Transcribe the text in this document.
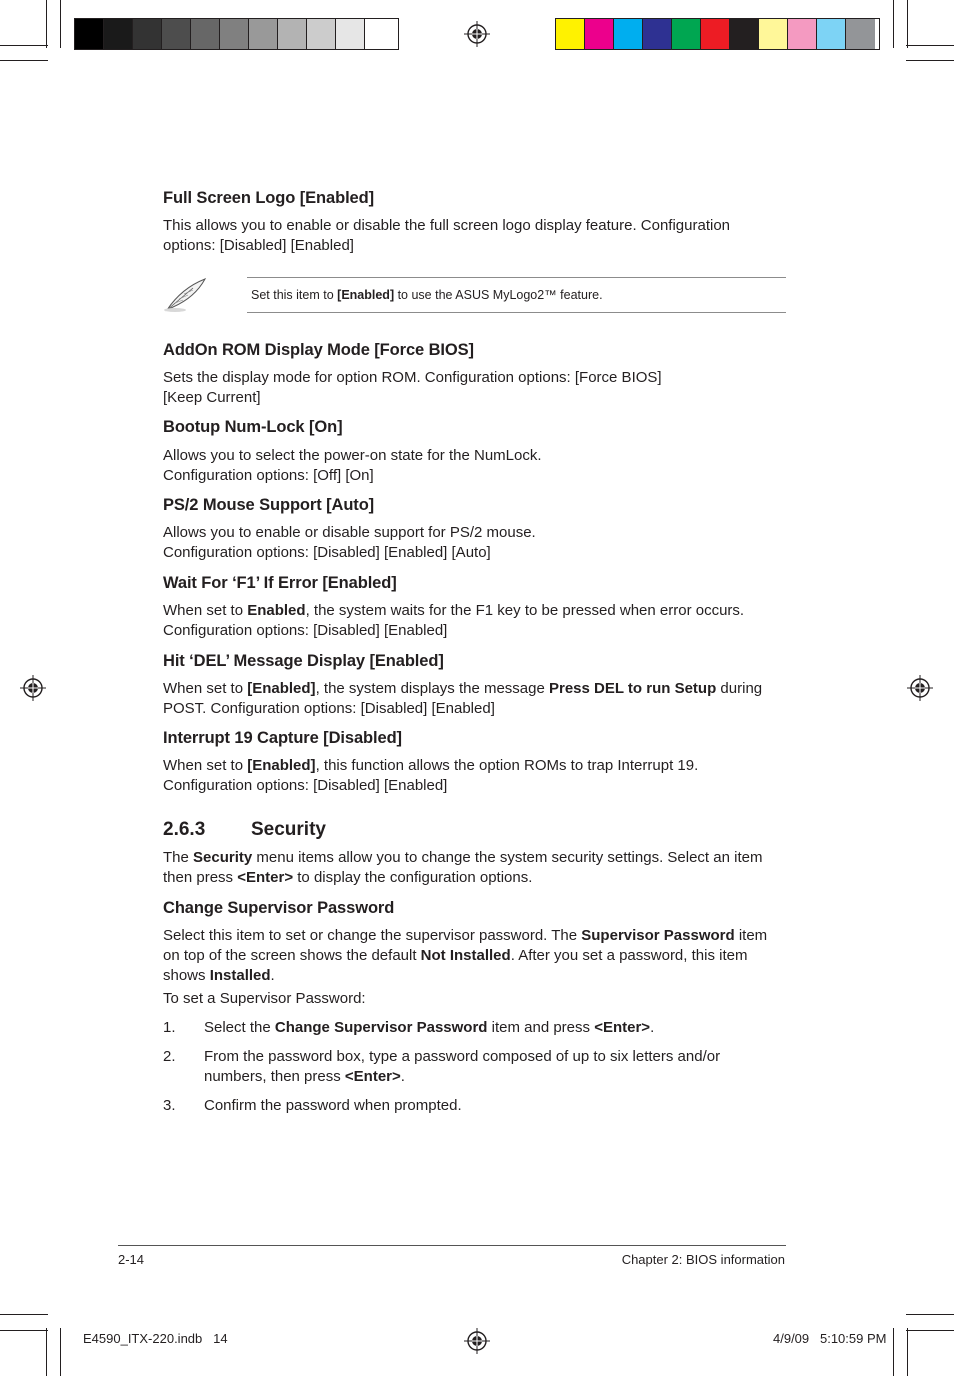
Full Screen Logo [Enabled]
This allows you to enable or disable the full screen logo display feature. Configuration options: [Disabled] [Enabled]
Set this item to [Enabled] to use the ASUS MyLogo2™ feature.
AddOn ROM Display Mode [Force BIOS]
Sets the display mode for option ROM. Configuration options: [Force BIOS]
[Keep Current]
Bootup Num-Lock [On]
Allows you to select the power-on state for the NumLock.
Configuration options: [Off] [On]
PS/2 Mouse Support [Auto]
Allows you to enable or disable support for PS/2 mouse.
Configuration options: [Disabled] [Enabled] [Auto]
Wait For ‘F1’ If Error [Enabled]
When set to Enabled, the system waits for the F1 key to be pressed when error occurs.
Configuration options: [Disabled] [Enabled]
Hit ‘DEL’ Message Display [Enabled]
When set to [Enabled], the system displays the message Press DEL to run Setup during
POST. Configuration options: [Disabled] [Enabled]
Interrupt 19 Capture [Disabled]
When set to [Enabled], this function allows the option ROMs to trap Interrupt 19.
Configuration options: [Disabled] [Enabled]
2.6.3 Security
The Security menu items allow you to change the system security settings. Select an item
then press <Enter> to display the configuration options.
Change Supervisor Password
Select this item to set or change the supervisor password. The Supervisor Password item
on top of the screen shows the default Not Installed. After you set a password, this item
shows Installed.
To set a Supervisor Password:
1. Select the Change Supervisor Password item and press <Enter>.
2. From the password box, type a password composed of up to six letters and/or
numbers, then press <Enter>.
3. Confirm the password when prompted.
2-14	Chapter 2: BIOS information
E4590_ITX-220.indb   14	4/9/09   5:10:59 PM
